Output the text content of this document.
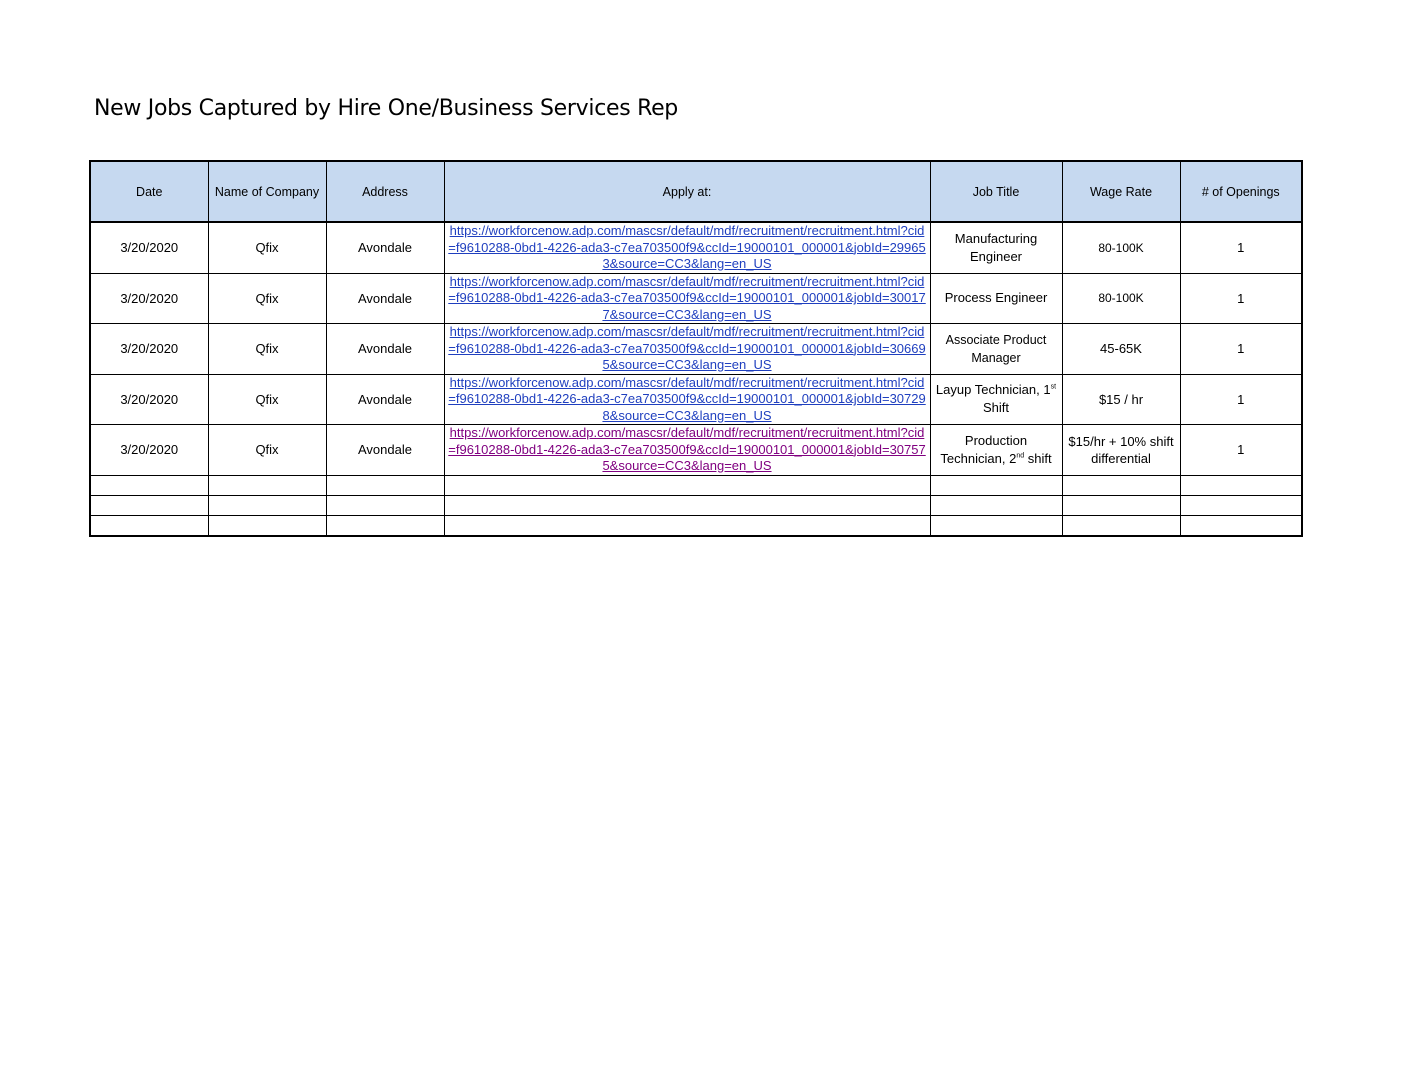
New Jobs Captured by Hire One/Business Services Rep
Date	Name of Company	Address	Apply at:	Job Title	Wage Rate	# of Openings
3/20/2020	Qfix	Avondale	https://workforcenow.adp.com/mascsr/default/mdf/recruitment/recruitment.html?cid=f9610288-0bd1-4226-ada3-c7ea703500f9&ccId=19000101_000001&jobId=299653&source=CC3&lang=en_US	Manufacturing Engineer	80-100K	1
3/20/2020	Qfix	Avondale	https://workforcenow.adp.com/mascsr/default/mdf/recruitment/recruitment.html?cid=f9610288-0bd1-4226-ada3-c7ea703500f9&ccId=19000101_000001&jobId=300177&source=CC3&lang=en_US	Process Engineer	80-100K	1
3/20/2020	Qfix	Avondale	https://workforcenow.adp.com/mascsr/default/mdf/recruitment/recruitment.html?cid=f9610288-0bd1-4226-ada3-c7ea703500f9&ccId=19000101_000001&jobId=306695&source=CC3&lang=en_US	Associate Product Manager	45-65K	1
3/20/2020	Qfix	Avondale	https://workforcenow.adp.com/mascsr/default/mdf/recruitment/recruitment.html?cid=f9610288-0bd1-4226-ada3-c7ea703500f9&ccId=19000101_000001&jobId=307298&source=CC3&lang=en_US	Layup Technician, 1st Shift	$15 / hr	1
3/20/2020	Qfix	Avondale	https://workforcenow.adp.com/mascsr/default/mdf/recruitment/recruitment.html?cid=f9610288-0bd1-4226-ada3-c7ea703500f9&ccId=19000101_000001&jobId=307575&source=CC3&lang=en_US	Production Technician, 2nd shift	$15/hr + 10% shift differential	1
